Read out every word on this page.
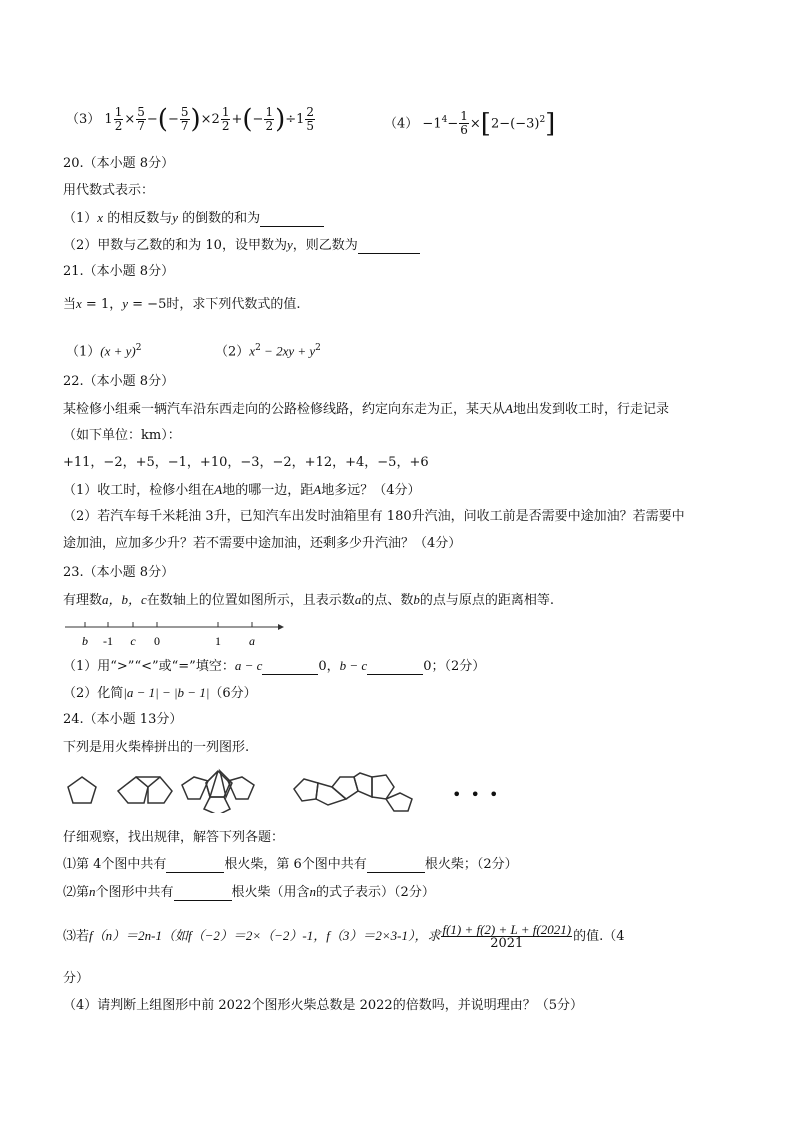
（3） $1 \frac{1}{2} \times \frac{5}{7}$ −(− $\frac{5}{7} )\times 2 \frac{1}{2}$ +(− $\frac{1}{2} )\div 1 \frac{2}{5}$	$(4) -1^4- \frac{1}{6} \times[2-(-3)^2]$
20.（本小题 8分）
用代数式表示：
（1）x 的相反数与y 的倒数的和为
（2）甲数与乙数的和为 10，设甲数为y，则乙数为
21.（本小题 8分）
当x = 1，y = −5时，求下列代数式的值.
$(1)(x + y)^2$	$(2)x^2 - 2xy + y^2$
22.（本小题 8分）
某检修小组乘一辆汽车沿东西走向的公路检修线路，约定向东走为正，某天从A地出发到收工时，行走记录
（如下单位：km）：
+11，−2，+5，−1，+10，−3，−2，+12，+4，−5，+6
（1）收工时，检修小组在A地的哪一边，距A地多远？（4分）
（2）若汽车每千米耗油 3升，已知汽车出发时油箱里有 180升汽油，问收工前是否需要中途加油？若需要中
途加油，应加多少升？若不需要中途加油，还剩多少升汽油？（4分）
23.（本小题 8分）
有理数a，b，c在数轴上的位置如图所示，且表示数a的点、数b的点与原点的距离相等.
b -1 c 0	1 a
（1）用“>”“<”或“=”填空：a − c	0，b − c	0；（2分）
（2）化简|a − 1| − |b − 1|（6分）
24.（本小题 13分）
下列是用火柴棒拼出的一列图形.
• • •
仔细观察，找出规律，解答下列各题：
⑴第 4个图中共有	根火柴，第 6个图中共有	根火柴；（2分）
⑵第n个图形中共有	根火柴（用含n的式子表示）（2分）
⑶若f（n）＝2n-1（如f（−2）＝2×（−2）-1，f（3）＝2×3-1），求 $\frac{f(1) + f(2) + L + f(2021)}{2021}$ 的值.（4
分）
（4）请判断上组图形中前 2022个图形火柴总数是 2022的倍数吗，并说明理由？（5分）
